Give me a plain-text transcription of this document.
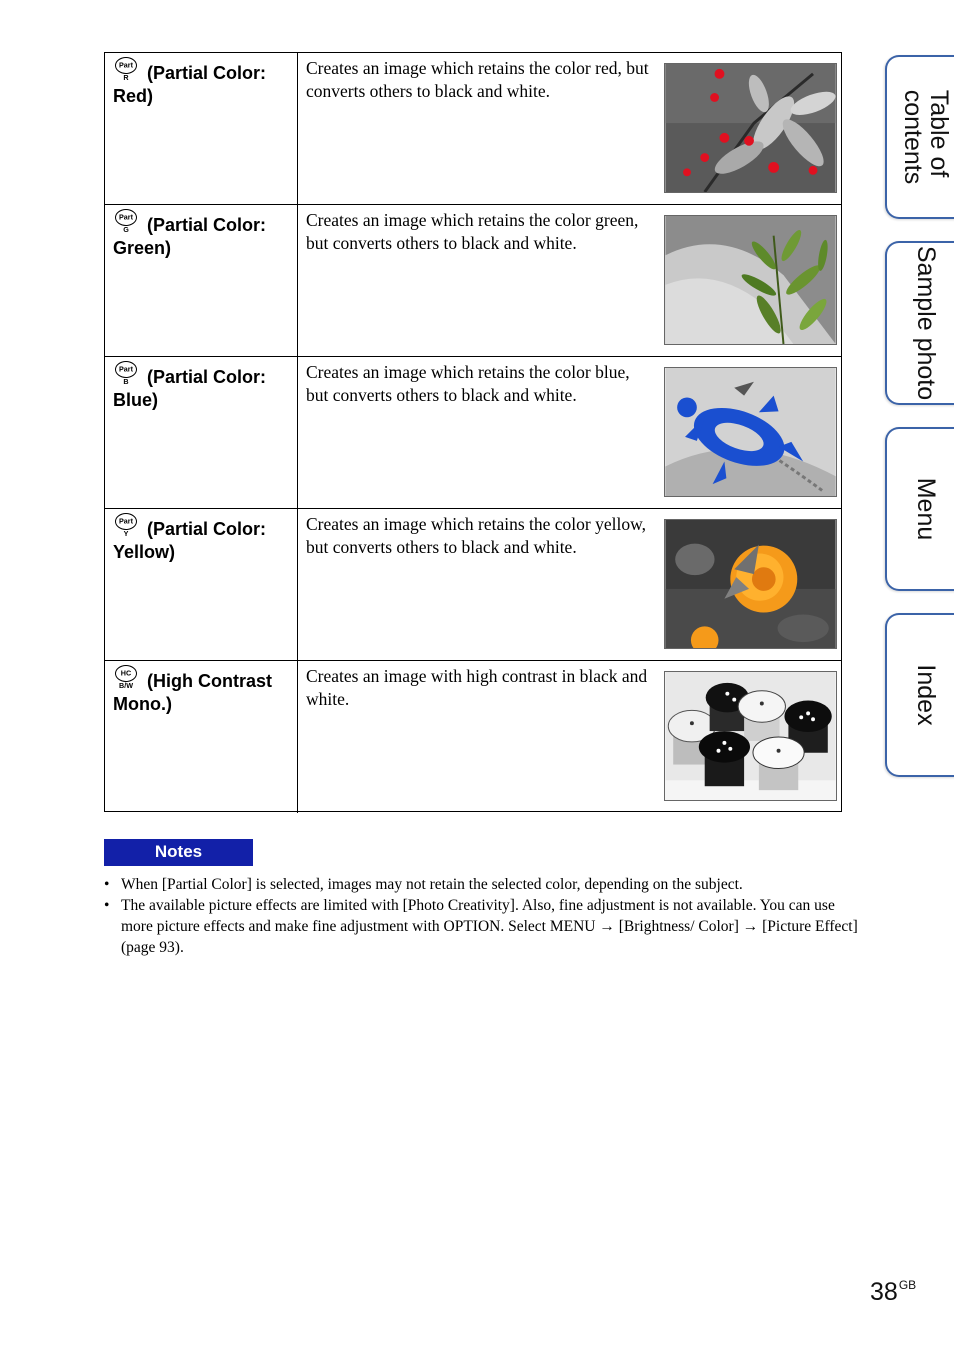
Part R (Partial Color: Red)
Creates an image which retains the color red, but converts others to black and white.
Part G (Partial Color: Green)
Creates an image which retains the color green, but converts others to black and white.
Part B (Partial Color: Blue)
Creates an image which retains the color blue, but converts others to black and white.
Part Y (Partial Color: Yellow)
Creates an image which retains the color yellow, but converts others to black and white.
HC B/W (High Contrast Mono.)
Creates an image with high contrast in black and white.
Notes
• When [Partial Color] is selected, images may not retain the selected color, depending on the subject.
• The available picture effects are limited with [Photo Creativity]. Also, fine adjustment is not available. You can use more picture effects and make fine adjustment with OPTION. Select MENU → [Brightness/ Color] → [Picture Effect] (page 93).
Table of
contents
Sample photo
Menu
Index
$38^{GB}$
